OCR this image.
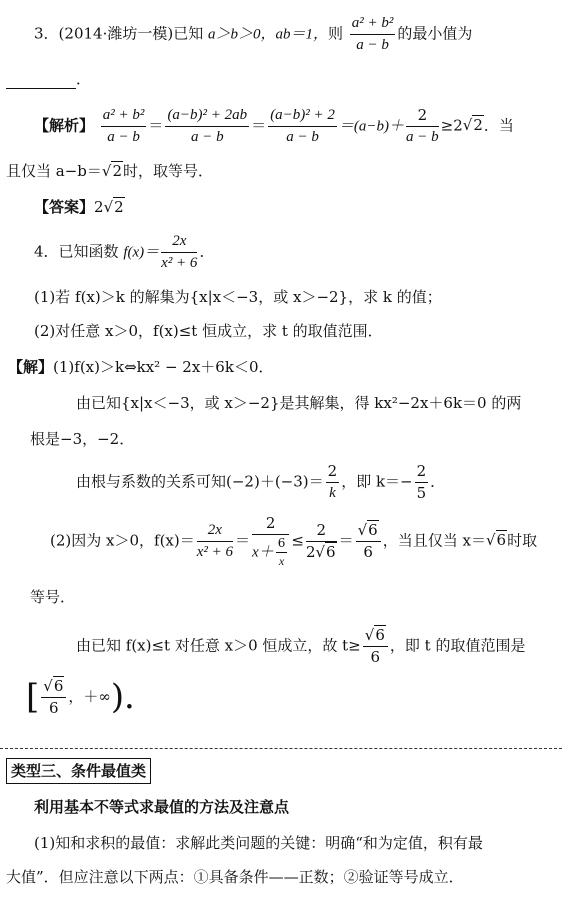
3．(2014·潍坊一模)已知 a＞b＞0，ab＝1，则 $\frac{\text{a² + b²}}{a - b}$ 的最小值为
．
【解析】 $\frac{\text{a² + b²}}{a - b} = \frac{\text{(a−b)² + 2ab}}{a - b} = \frac{\text{(a−b)² + 2}}{a - b} =(a-b)+ \frac{2}{a - b} \ge 2√2$．当
且仅当 a−b＝√2时，取等号．
【答案】2√2
4．已知函数 $f(x)= \frac{2x}{\text{x² + 6}}$ ．
(1)若 f(x)＞k 的解集为{x|x＜−3，或 x＞−2}，求 k 的值；
(2)对任意 x＞0，f(x)≤t 恒成立，求 t 的取值范围．
【解】(1)f(x)＞k⇔kx² − 2x＋6k＜0．
由已知{x|x＜−3，或 x＞−2}是其解集，得 kx²−2x＋6k＝0 的两
根是−3，−2．
由根与系数的关系可知$(-2)+(-3)= \frac{2}{k}$ ，即 $k=- \frac{2}{5}$ ．
(2)因为 x＞0，$f(x)= \frac{2x}{\text{x² + 6}} = \frac{2}{x+ \frac{6}{x}} \le \frac{2}{2√6} = \frac{√6}{6}$ ，当且仅当 x＝√6时取
等号．
由已知 f(x)≤t 对任意 x＞0 恒成立，故 $t\ge \frac{√6}{6}$ ，即 t 的取值范围是
[ $\frac{√6}{6}$ ，＋∞)．
类型三、条件最值类
利用基本不等式求最值的方法及注意点
(1)知和求积的最值：求解此类问题的关键：明确“和为定值，积有最
大值”．但应注意以下两点：①具备条件——正数；②验证等号成立．
